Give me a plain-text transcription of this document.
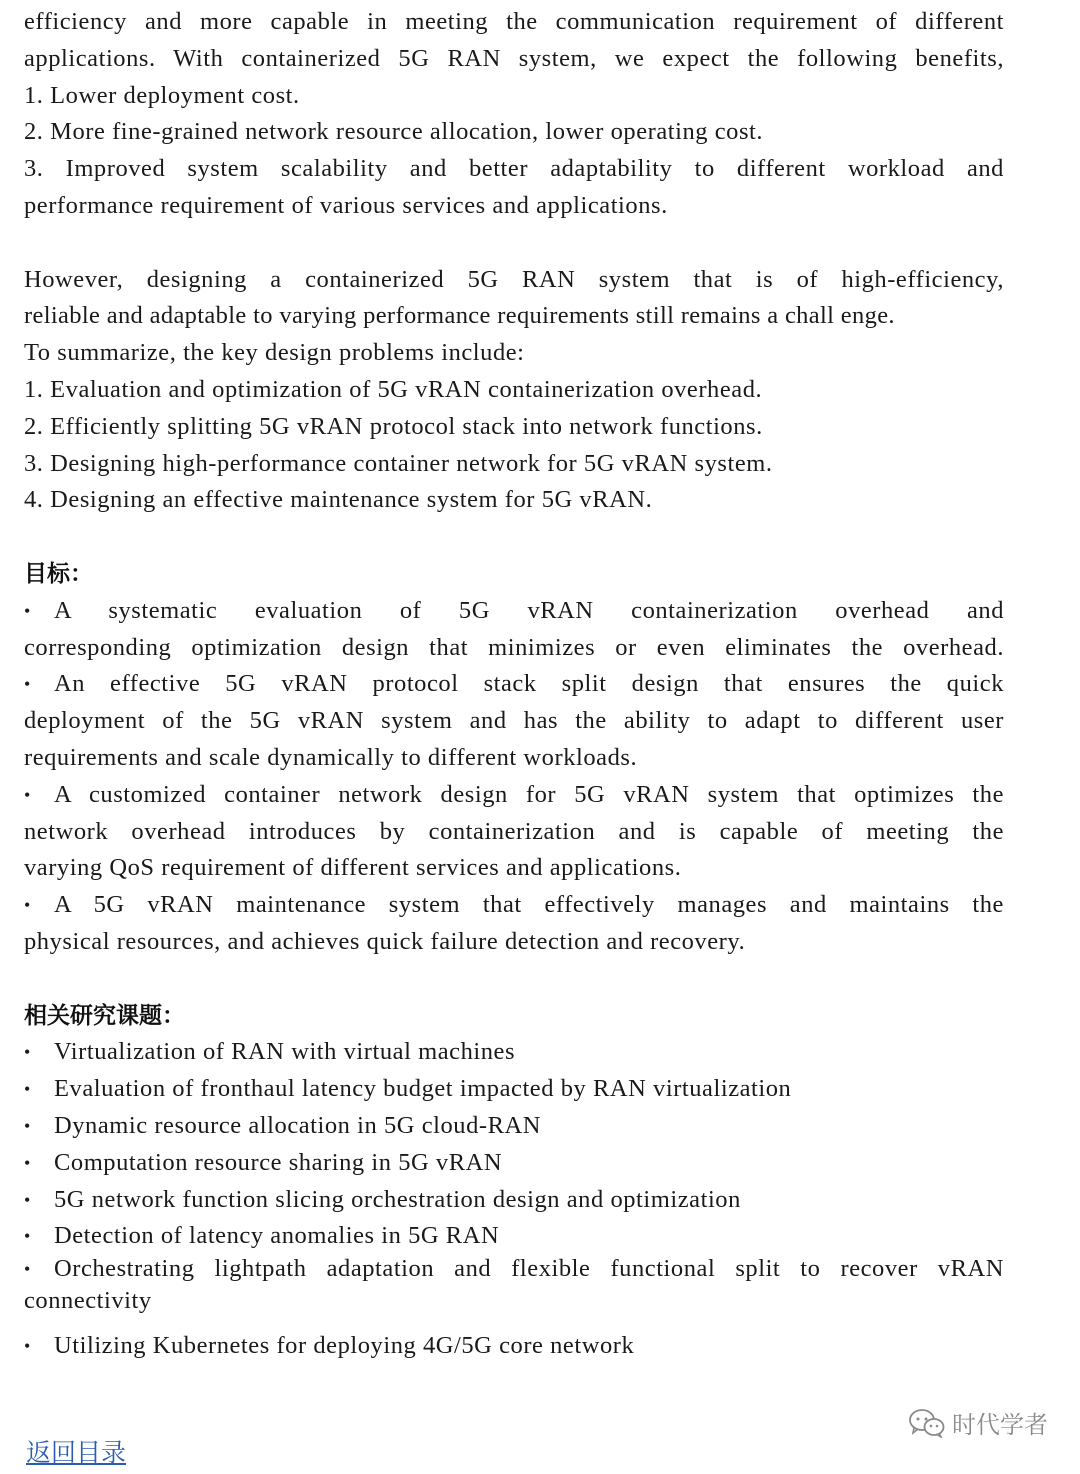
efficiency and more capable in meeting the communication requirement of different
applications. With containerized 5G RAN system, we expect the following benefits,
1. Lower deployment cost.
2. More fine-grained network resource allocation, lower operating cost.
3. Improved system scalability and better adaptability to different workload and
performance requirement of various services and applications.
However, designing a containerized 5G RAN system that is of high-efficiency,
reliable and adaptable to varying performance requirements still remains a chall enge.
To summarize, the key design problems include:
1. Evaluation and optimization of 5G vRAN containerization overhead.
2. Efficiently splitting 5G vRAN protocol stack into network functions.
3. Designing high-performance container network for 5G vRAN system.
4. Designing an effective maintenance system for 5G vRAN.
目标：
• A systematic evaluation of 5G vRAN containerization overhead and
corresponding optimization design that minimizes or even eliminates the overhead.
• An effective 5G vRAN protocol stack split design that ensures the quick
deployment of the 5G vRAN system and has the ability to adapt to different user
requirements and scale dynamically to different workloads.
• A customized container network design for 5G vRAN system that optimizes the
network overhead introduces by containerization and is capable of meeting the
varying QoS requirement of different services and applications.
• A 5G vRAN maintenance system that effectively manages and maintains the
physical resources, and achieves quick failure detection and recovery.
相关研究课题：
• Virtualization of RAN with virtual machines
• Evaluation of fronthaul latency budget impacted by RAN virtualization
• Dynamic resource allocation in 5G cloud-RAN
• Computation resource sharing in 5G vRAN
• 5G network function slicing orchestration design and optimization
• Detection of latency anomalies in 5G RAN
• Orchestrating lightpath adaptation and flexible functional split to recover vRAN
connectivity
• Utilizing Kubernetes for deploying 4G/5G core network
时代学者
返回目录
